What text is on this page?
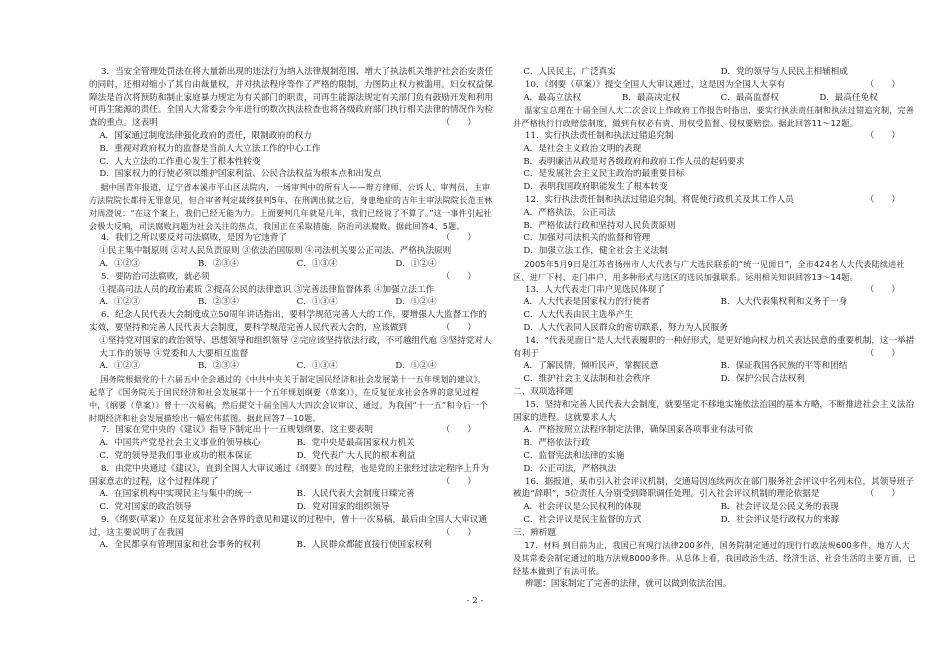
3．当安全管理处罚法在将大量新出现的违法行为纳入法律规制范围、增大了执法机关维护社会治安责任的同时，还相对缩小了其自由裁量权，并对执法程序等作了严格的限制，力图防止权力被滥用。妇女权益保障法是首次将预防和制止家庭暴力规定为有关部门的职责，司再生能源法规定有关部门负有鼓励开发和利用可再生能源的责任。全国人大常委会今年进行的数次执法检查也将各级政府部门执行相关法律的情况作为检查的重点。这表明	（　　）

A．国家通过制度法律强化政府的责任，限制政府的权力

B．重视对政府权力的监督是当前人大立法工作的中心工作

C．人大立法的工作重心发生了根本性转变

D．国家权力的行使必须以维护国家利益、公民合法权益为根本点和出发点

据中国青年报道，辽宁省本溪市平山区法院内，一场审判中的所有人——辩方律师、公诉人、审判员，主审方法院院长都持无罪意见，但合审者判定裁终获判5年，在刑满出狱之后，身患绝症的吉年主审法院院长范玉林对周澄说：“在这个案上，我们已经无能为力。上面要判几年就是几年，我们已经说了不算了。”这一事件引起社会极大反响，司法腐败问题为社会关注的热点，我国正在采取措施，防治司法腐败。据此回答4、5题。

4．我们之所以要反对司法腐败，是因为它违背了	（　　）

①民主集中制原则 ②对人民负责原则 ③依法治国原则 ④司法机关要公正司法、严格执法原则

A．①②③	B．②③④	C．①③④	D．①②④

5．要防治司法腐败，就必须	（　　）

①提高司法人员的政治素质 ②提高公民的法律意识 ③完善法律监督体系 ④加强立法工作

A．①②③	B．②③④	C．①③④	D．①②④

6．纪念人民代表大会制度成立50周年讲话指出，要科学规范完善人大的工作，要增强人大监督工作的实效，要坚持和完善人民代表大会制度，要科学规范完善人民代表大会的，应该做到	（　　）

①坚持党对国家的政治领导、思想领导和组织领导 ②完应该坚持依法行政，不可越组代庖 ③坚持党对人大工作的领导 ④党委和人大要相互监督

A．①②③	B．②③④	C．①③④	D．①②④

国务院根据党的十六届五中全会通过的《中共中央关于制定国民经济和社会发展第十一五年规划的建议》，起草了《国务院关于国民经济和社会发展第十一个五年规划纲要（草案）》，在反复征求社会各界的意见过程中，《纲要（草案）》曾十一次易稿，然后提交十届全国人大四次会议审议、通过。为我国“十一五”和今后一个时期经济和社会发展描绘出一幅宏伟蓝图。据此回答7－10题。

7．国家在党中央的《建议》指导下制定出十一五规划纲要，这主要表明	（　　）

A．中国共产党是社会主义事业的领导核心	B．党中央是最高国家权力机关

C．党的领导是我们事业成功的根本保证	D．党代表广大人民的根本利益

8．由党中央通过《建议》，直到全国人大审议通过《纲要》的过程，也是党的主张经过法定程序上升为国家意志的过程，这个过程体现了	（　　）

A．在国家机构中实现民主与集中的统一	B．人民代表大会制度日臻完善

C．党对国家的政治领导	D．党对国家的组织领导

9．《纲要(草案)》在反复征求社会各界的意见和建议的过程中，曾十一次易稿，最后由全国人大审议通过，这主要说明了在我国	（　　）

A．全民都享有管理国家和社会事务的权利	B．人民群众都能直接行使国家权利

C．人民民主，广泛真实	D．党的领导与人民民主相辅相成

10．《纲要（草案）》提交全国人大审议通过，这是因为全国人大享有	（　　）

A．最高立法权	B．最高决定权	C．最高监督权	D．最高任免权

温家宝总理在十届全国人大二次会议上作政府工作报告时指出，要实行执法责任制和执法过错追究制，完善并严格执行行政赔偿制度，做到有权必有责、用权受监督、侵权要赔偿。据此回答11～12题。

11．实行执法责任制和执法过错追究制	（　　）

A．是社会主义政治文明的表现

B．表明廉洁从政是对各级政府和政府工作人员的起码要求

C．是发展社会主义民主政治的最重要目标

D．表明我国政府职能发生了根本转变

12．实行执法责任制和执法过错追究制，将促使行政机关及其工作人员	（　　）

A．严格执法，公正司法

B．严格依法行政和坚持对人民负责原则

C．加强对司法机关的监督和管理

D．加强立法工作，健全社会主义法制

2005年5月9日是江苏省扬州市人大代表与广大选民联系的“统一见面日”，全市424名人大代表陆续进社区、进厂下村、走门串户，用多种形式与选区的选民加强联系。运用相关知识回答13～14题。

13．人大代表走门串户见选民体现了	（　　）

A．人大代表是国家权力的行使者	B．人大代表集权利和义务于一身

C．人大代表由民主选举产生

D．人大代表同人民群众的密切联系，努力为人民服务

14．“代表见面日”是人大代表履职的一种好形式，是更好地向权力机关表达民意的重要机制，这一举措有利于	（　　）

A．了解民情，倾听民声，掌握民意	B．保证我国各民族的平等和团结

C．维护社会主义法制和社会秩序	D．保护公民合法权利

二、双项选择题

15．坚持和完善人民代表大会制度，就要坚定不移地实施依法治国的基本方略，不断推进社会主义法治国家的进程。这就要求人大

A．严格按照立法程序制定法律，确保国家各项事业有法可依

B．严格依法行政

C．监督宪法和法律的实施

D．公正司法，严格执法

16．据报道，某市引入社会评议机制，交通局因连续两次在部门服务社会评议中名列末位，其领导班子被迫“辞职”，5位责任人分别受到降职调任处理。引入社会评议机制的理论依据是	（　　）

A．社会评议是公民权利的体现	B．社会评议是公民义务的表现

C．社会评议是民主监督的方式	D．社会评议是行政权力的来源

三、辨析题

17．材料 到目前为止，我国已有现行法律200多件，国务院制定通过的现行行政法规600多件，地方人大及其常委会制定通过的地方法规8000多件。从总体上看，我国政治生活、经济生活、社会生活的主要方面，已经基本做到了有法可依。

辨题：国家制定了完善的法律，就可以做到依法治国。

- 2 -
